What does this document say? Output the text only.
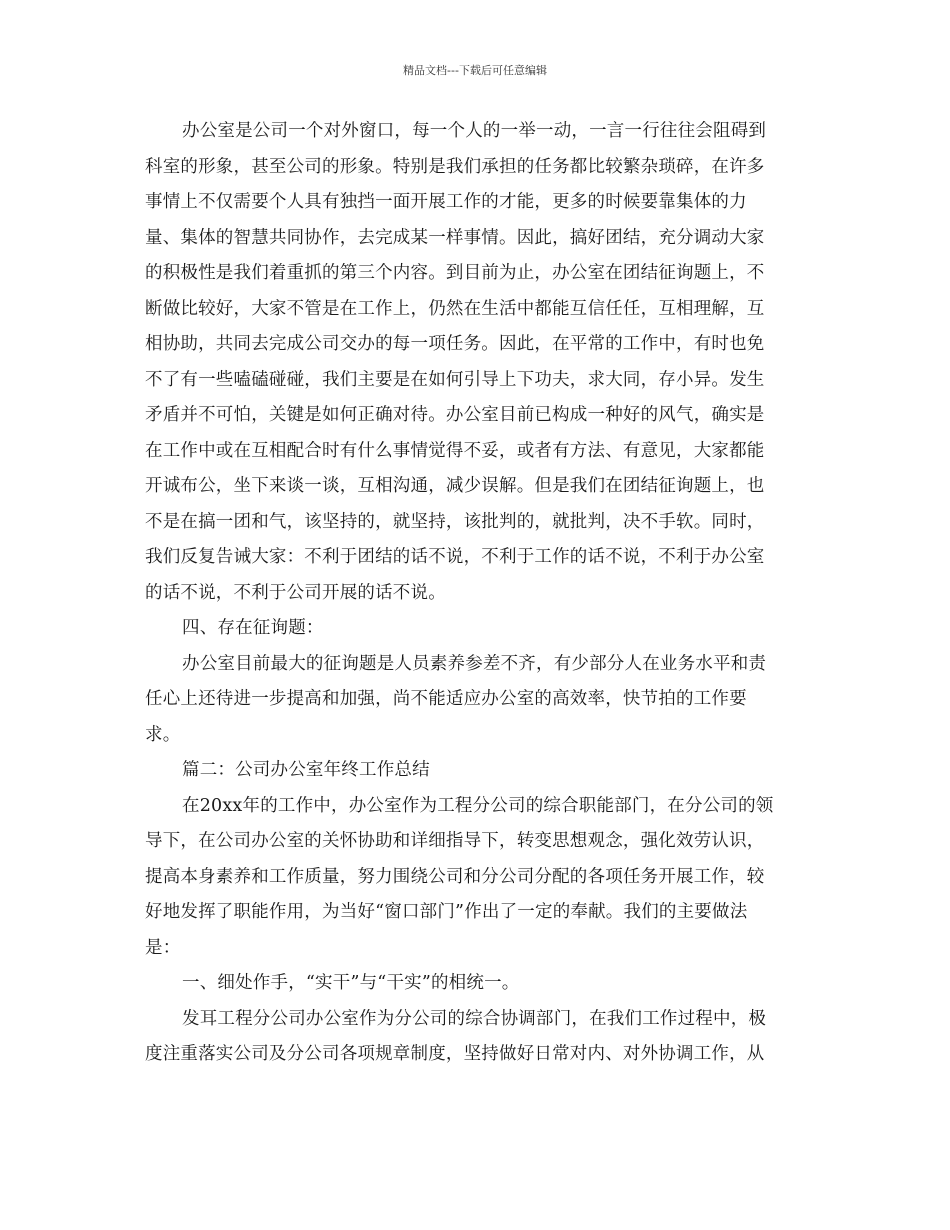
精品文档---下载后可任意编辑
办公室是公司一个对外窗口，每一个人的一举一动，一言一行往往会阻碍到
科室的形象，甚至公司的形象。特别是我们承担的任务都比较繁杂琐碎，在许多
事情上不仅需要个人具有独挡一面开展工作的才能，更多的时候要靠集体的力
量、集体的智慧共同协作，去完成某一样事情。因此，搞好团结，充分调动大家
的积极性是我们着重抓的第三个内容。到目前为止，办公室在团结征询题上，不
断做比较好，大家不管是在工作上，仍然在生活中都能互信任任，互相理解，互
相协助，共同去完成公司交办的每一项任务。因此，在平常的工作中，有时也免
不了有一些嗑磕碰碰，我们主要是在如何引导上下功夫，求大同，存小异。发生
矛盾并不可怕，关键是如何正确对待。办公室目前已构成一种好的风气，确实是
在工作中或在互相配合时有什么事情觉得不妥，或者有方法、有意见，大家都能
开诚布公，坐下来谈一谈，互相沟通，减少误解。但是我们在团结征询题上，也
不是在搞一团和气，该坚持的，就坚持，该批判的，就批判，决不手软。同时，
我们反复告诫大家：不利于团结的话不说，不利于工作的话不说，不利于办公室
的话不说，不利于公司开展的话不说。
四、存在征询题：
办公室目前最大的征询题是人员素养参差不齐，有少部分人在业务水平和责
任心上还待进一步提高和加强，尚不能适应办公室的高效率，快节拍的工作要
求。
篇二：公司办公室年终工作总结
在20xx年的工作中，办公室作为工程分公司的综合职能部门，在分公司的领
导下，在公司办公室的关怀协助和详细指导下，转变思想观念，强化效劳认识，
提高本身素养和工作质量，努力围绕公司和分公司分配的各项任务开展工作，较
好地发挥了职能作用，为当好“窗口部门”作出了一定的奉献。我们的主要做法
是：
一、细处作手，“实干”与“干实”的相统一。
发耳工程分公司办公室作为分公司的综合协调部门，在我们工作过程中，极
度注重落实公司及分公司各项规章制度，坚持做好日常对内、对外协调工作，从
